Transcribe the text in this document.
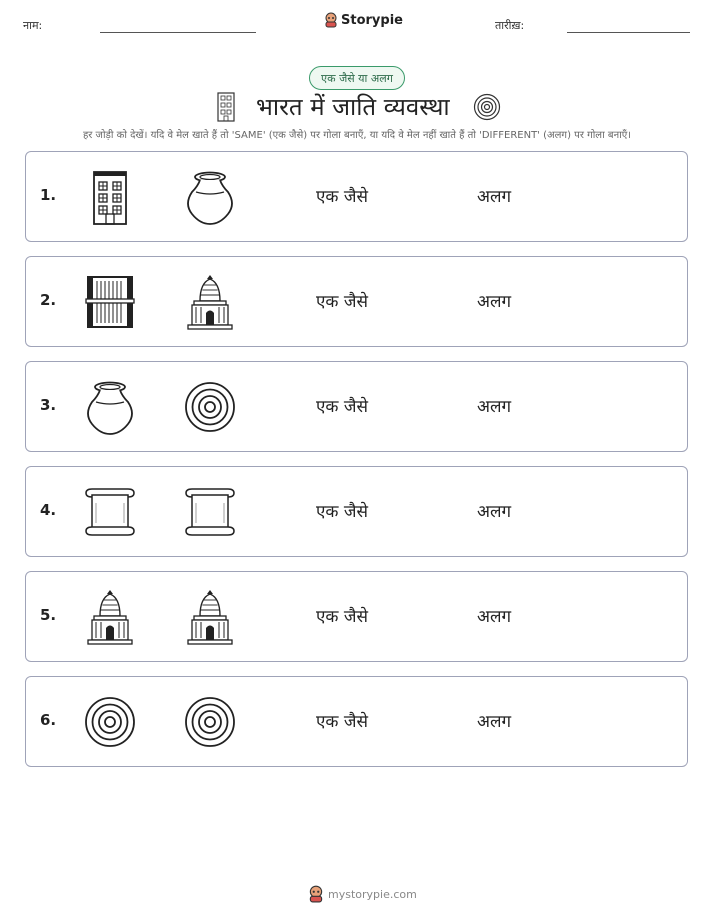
नाम:	Storypie	तारीख़:
एक जैसे या अलग
भारत में जाति व्यवस्था
हर जोड़ी को देखें। यदि वे मेल खाते हैं तो 'SAME' (एक जैसे) पर गोला बनाएँ, या यदि वे मेल नहीं खाते हैं तो 'DIFFERENT' (अलग) पर गोला बनाएँ।
1.	एक जैसे	अलग
2.	एक जैसे	अलग
3.	एक जैसे	अलग
4.	एक जैसे	अलग
5.	एक जैसे	अलग
6.	एक जैसे	अलग
mystorypie.com
